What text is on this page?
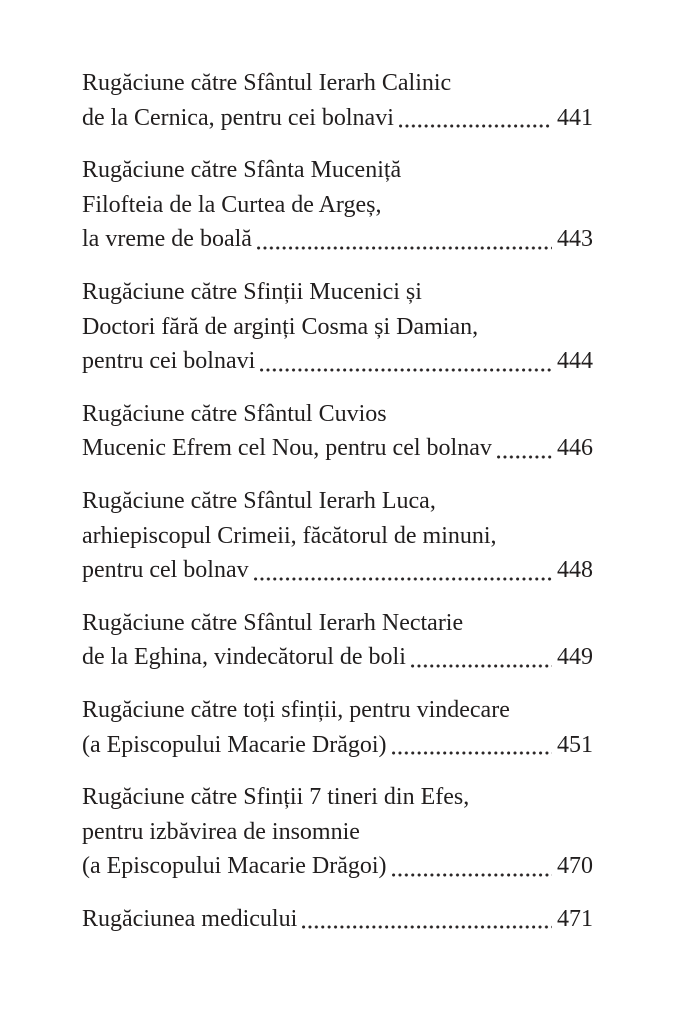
Rugăciune către Sfântul Ierarh Calinic
de la Cernica, pentru cei bolnavi	441
Rugăciune către Sfânta Muceniță
Filofteia de la Curtea de Argeș,
la vreme de boală	443
Rugăciune către Sfinții Mucenici și
Doctori fără de arginți Cosma și Damian,
pentru cei bolnavi	444
Rugăciune către Sfântul Cuvios
Mucenic Efrem cel Nou, pentru cel bolnav	446
Rugăciune către Sfântul Ierarh Luca,
arhiepiscopul Crimeii, făcătorul de minuni,
pentru cel bolnav	448
Rugăciune către Sfântul Ierarh Nectarie
de la Eghina, vindecătorul de boli	449
Rugăciune către toți sfinții, pentru vindecare
(a Episcopului Macarie Drăgoi)	451
Rugăciune către Sfinții 7 tineri din Efes,
pentru izbăvirea de insomnie
(a Episcopului Macarie Drăgoi)	470
Rugăciunea medicului	471
